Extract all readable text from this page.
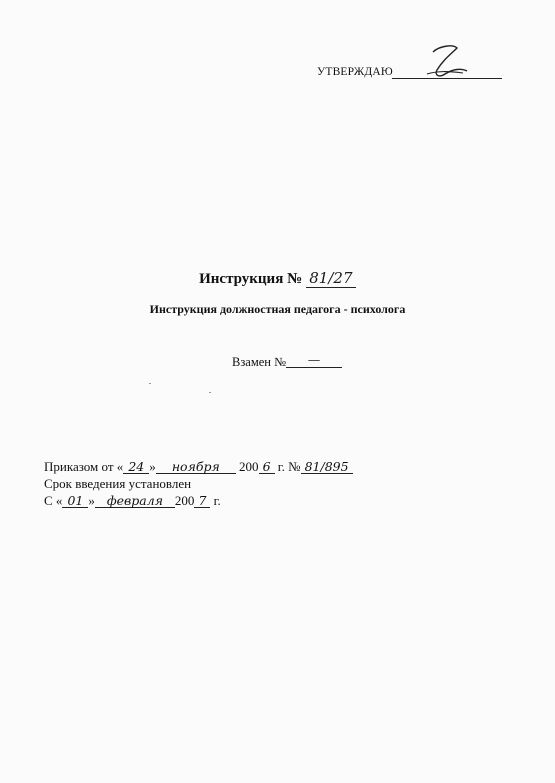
УТВЕРЖДАЮ
Инструкция № 81/27
Инструкция должностная педагога - психолога
Взамен № —
Приказом от « 24 » ноября 200 6 г. № 81/895
Срок введения установлен
С « 01 » февраля 200 7 г.
